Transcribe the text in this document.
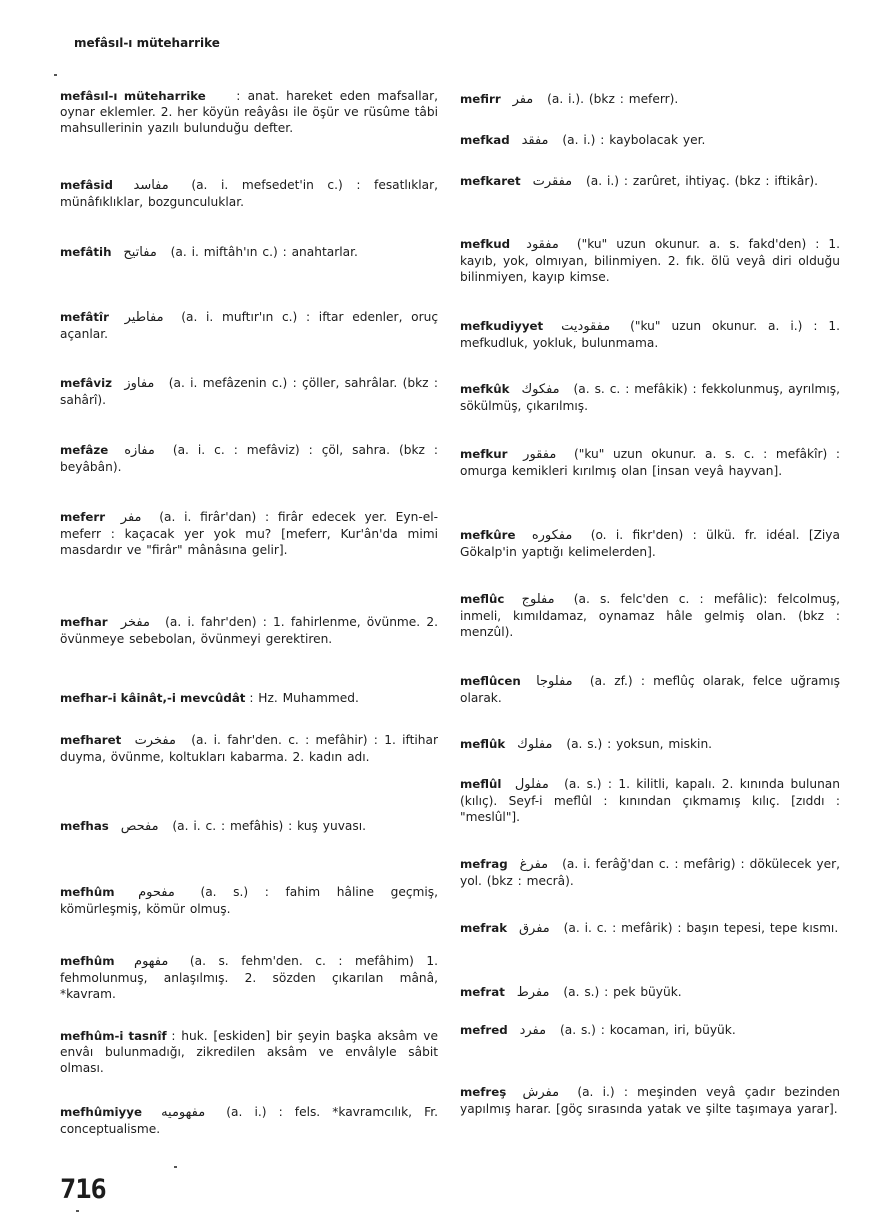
mefâsıl-ı müteharrike
mefâsıl-ı müteharrike : anat. hareket eden mafsallar, oynar eklemler. 2. her köyün reâyâsı ile öşür ve rüsûme tâbi mahsullerinin yazılı bulunduğu defter.
mefâsid مفاسد (a. i. mefsedet'in c.) : fesatlıklar, münâfıklıklar, bozgunculuklar.
mefâtih مفاتيح (a. i. miftâh'ın c.) : anahtarlar.
mefâtîr مفاطير (a. i. muftır'ın c.) : iftar edenler, oruç açanlar.
mefâviz مفاوز (a. i. mefâzenin c.) : çöller, sahrâlar. (bkz : sahârî).
mefâze مفازه (a. i. c. : mefâviz) : çöl, sahra. (bkz : beyâbân).
meferr مفر (a. i. firâr'dan) : firâr edecek yer. Eyn-el-meferr : kaçacak yer yok mu? [meferr, Kur'ân'da mimi masdardır ve "firâr" mânâsına gelir].
mefhar مفخر (a. i. fahr'den) : 1. fahirlenme, övünme. 2. övünmeye sebebolan, övünmeyi gerektiren.
mefhar-i kâinât,-i mevcûdât : Hz. Muhammed.
mefharet مفخرت (a. i. fahr'den. c. : mefâhir) : 1. iftihar duyma, övünme, koltukları kabarma. 2. kadın adı.
mefhas مفحص (a. i. c. : mefâhis) : kuş yuvası.
mefhûm مفحوم (a. s.) : fahim hâline geçmiş, kömürleşmiş, kömür olmuş.
mefhûm مفهوم (a. s. fehm'den. c. : mefâhim) 1. fehmolunmuş, anlaşılmış. 2. sözden çıkarılan mânâ, *kavram.
mefhûm-i tasnîf : huk. [eskiden] bir şeyin başka aksâm ve envâı bulunmadığı, zikredilen aksâm ve envâlyle sâbit olması.
mefhûmiyye مفهوميه (a. i.) : fels. *kavramcılık, Fr. conceptualisme.
mefirr مفر (a. i.). (bkz : meferr).
mefkad مفقد (a. i.) : kaybolacak yer.
mefkaret مفقرت (a. i.) : zarûret, ihtiyaç. (bkz : iftikâr).
mefkud مفقود ("ku" uzun okunur. a. s. fakd'den) : 1. kayıb, yok, olmıyan, bilinmiyen. 2. fık. ölü veyâ diri olduğu bilinmiyen, kayıp kimse.
mefkudiyyet مفقوديت ("ku" uzun okunur. a. i.) : 1. mefkudluk, yokluk, bulunmama.
mefkûk مفكوك (a. s. c. : mefâkik) : fekkolunmuş, ayrılmış, sökülmüş, çıkarılmış.
mefkur مفقور ("ku" uzun okunur. a. s. c. : mefâkîr) : omurga kemikleri kırılmış olan [insan veyâ hayvan].
mefkûre مفكوره (o. i. fikr'den) : ülkü. fr. idéal. [Ziya Gökalp'in yaptığı kelimelerden].
meflûc مفلوج (a. s. felc'den c. : mefâlic): felcolmuş, inmeli, kımıldamaz, oynamaz hâle gelmiş olan. (bkz : menzûl).
meflûcen مفلوجا (a. zf.) : meflûç olarak, felce uğramış olarak.
meflûk مفلوك (a. s.) : yoksun, miskin.
meflûl مفلول (a. s.) : 1. kilitli, kapalı. 2. kınında bulunan (kılıç). Seyf-i meflûl : kınından çıkmamış kılıç. [zıddı : "meslûl"].
mefrag مفرغ (a. i. ferâğ'dan c. : mefârig) : dökülecek yer, yol. (bkz : mecrâ).
mefrak مفرق (a. i. c. : mefârik) : başın tepesi, tepe kısmı.
mefrat مفرط (a. s.) : pek büyük.
mefred مفرد (a. s.) : kocaman, iri, büyük.
mefreş مفرش (a. i.) : meşinden veyâ çadır bezinden yapılmış harar. [göç sırasında yatak ve şilte taşımaya yarar].
716
